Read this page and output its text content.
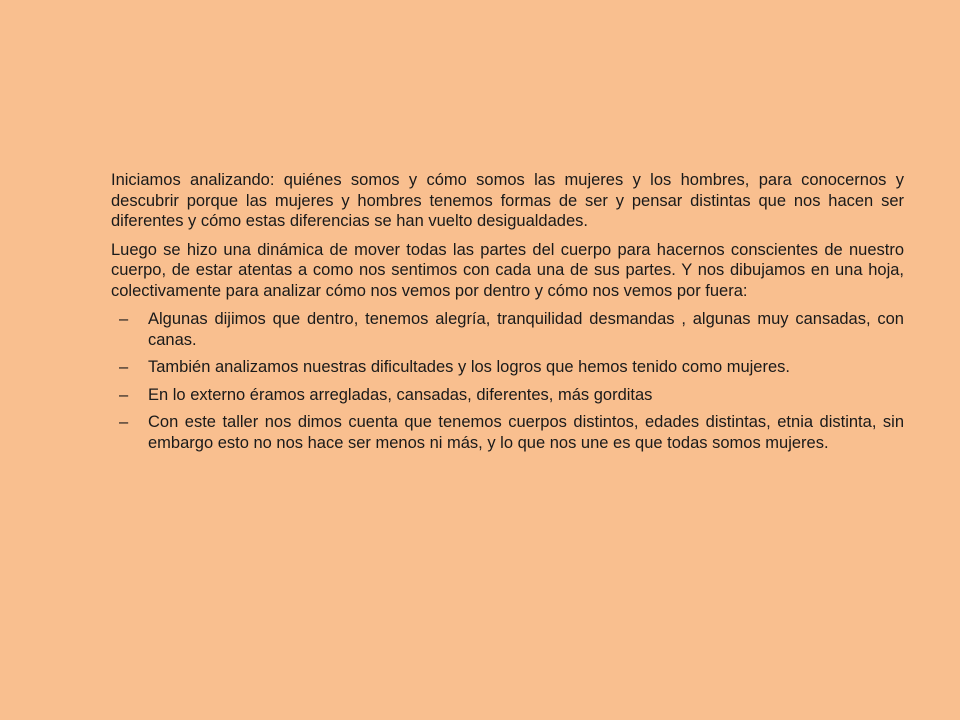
Iniciamos analizando: quiénes somos y cómo somos las mujeres y los hombres, para conocernos y descubrir porque las mujeres y hombres tenemos formas de ser y pensar distintas que nos hacen ser diferentes y cómo estas diferencias se han vuelto desigualdades.

Luego se hizo una dinámica de mover todas las partes del cuerpo para hacernos conscientes de nuestro cuerpo, de estar atentas a como nos sentimos con cada una de sus partes. Y nos dibujamos en una hoja, colectivamente para analizar cómo nos vemos por dentro y cómo nos vemos por fuera:

– Algunas dijimos que dentro, tenemos alegría, tranquilidad desmandas , algunas muy cansadas, con canas.
– También analizamos nuestras dificultades y los logros que hemos tenido como mujeres.
– En lo externo éramos arregladas, cansadas, diferentes, más gorditas
– Con este taller nos dimos cuenta que tenemos cuerpos distintos, edades distintas, etnia distinta, sin embargo esto no nos hace ser menos ni más, y lo que nos une es que todas somos mujeres.
